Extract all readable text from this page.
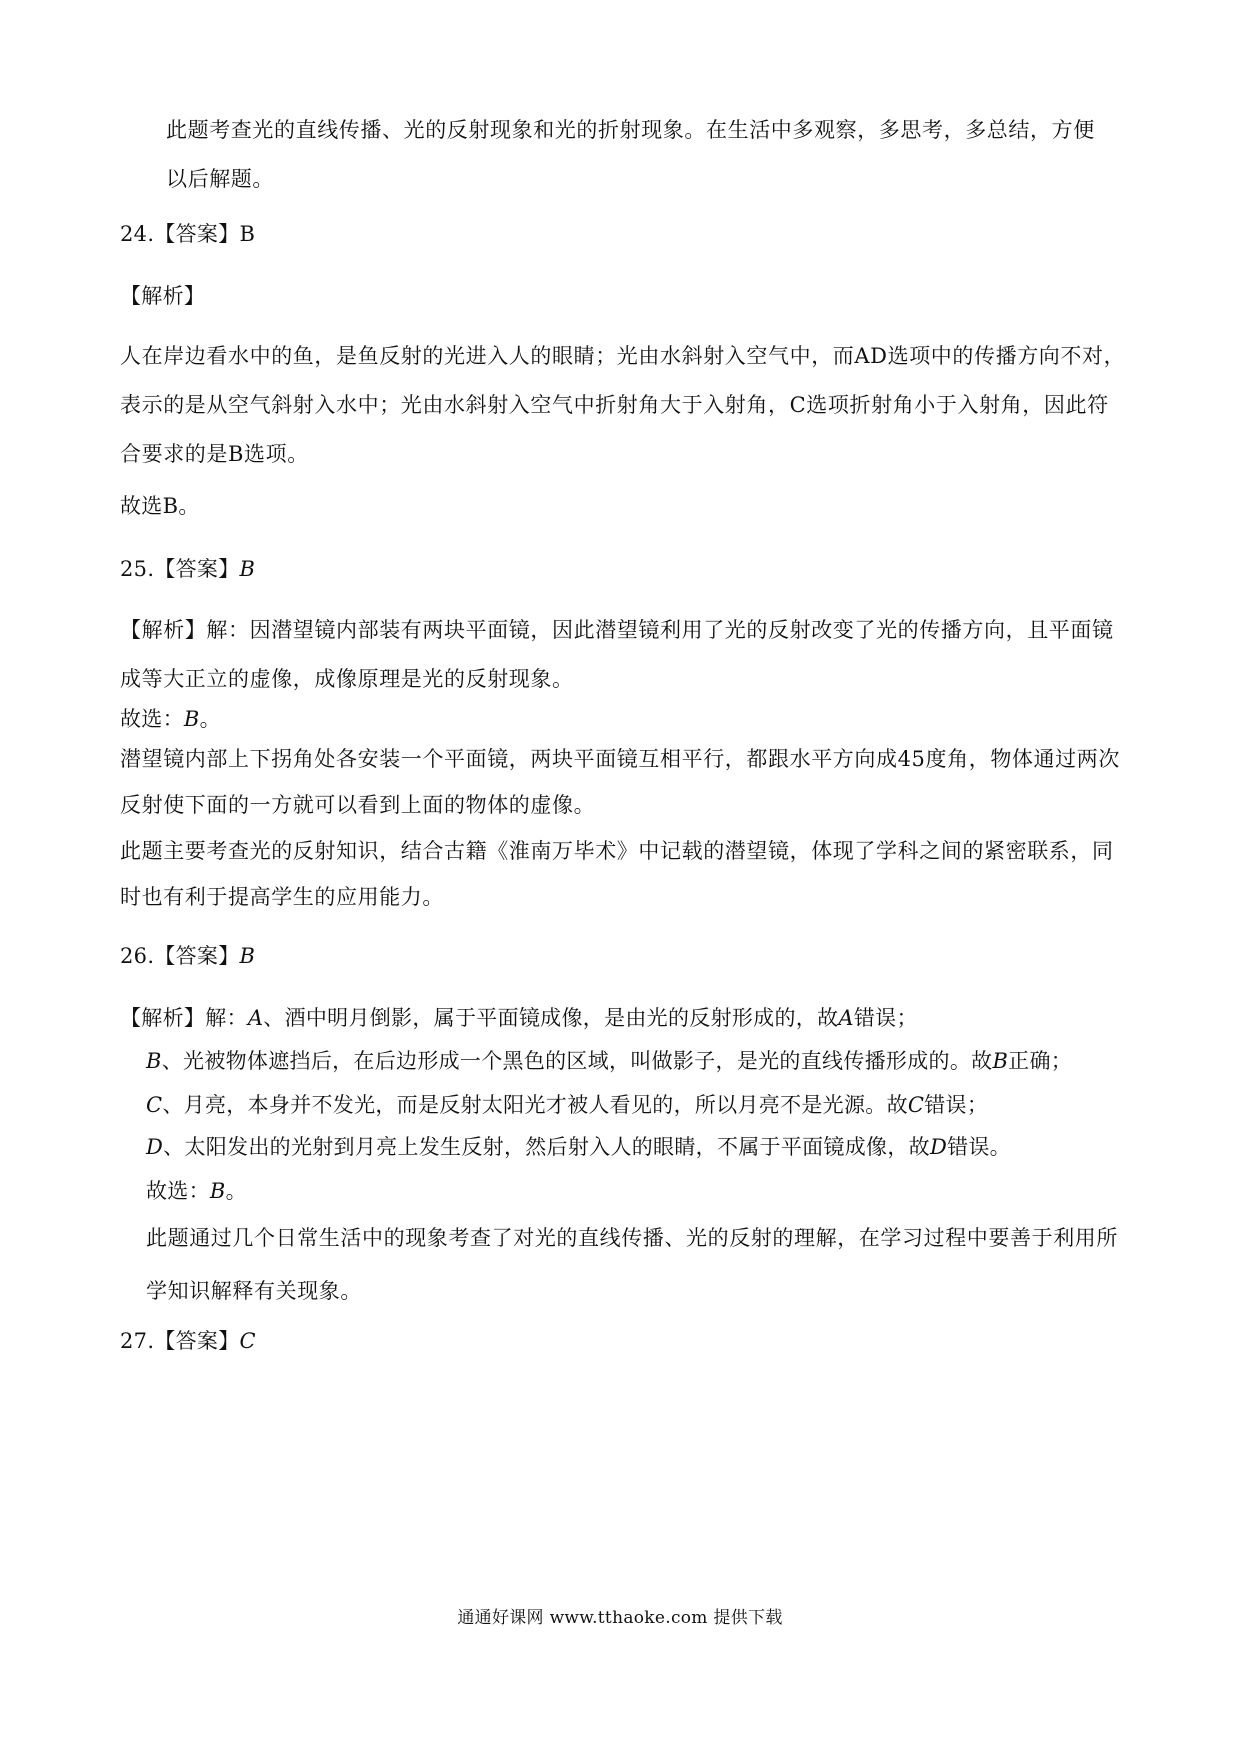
此题考查光的直线传播、光的反射现象和光的折射现象。在生活中多观察，多思考，多总结，方便
以后解题。

24.【答案】B
【解析】

人在岸边看水中的鱼，是鱼反射的光进入人的眼睛；光由水斜射入空气中，而AD选项中的传播方向不对，表示的是从空气斜射入水中；光由水斜射入空气中折射角大于入射角，C选项折射角小于入射角，因此符合要求的是B选项。

故选B。
25.【答案】B

【解析】解：因潜望镜内部装有两块平面镜，因此潜望镜利用了光的反射改变了光的传播方向，且平面镜成等大正立的虚像，成像原理是光的反射现象。

故选：B。

潜望镜内部上下拐角处各安装一个平面镜，两块平面镜互相平行，都跟水平方向成45度角，物体通过两次反射使下面的一方就可以看到上面的物体的虚像。

此题主要考查光的反射知识，结合古籍《淮南万毕术》中记载的潜望镜，体现了学科之间的紧密联系，同时也有利于提高学生的应用能力。

26.【答案】B
【解析】解：A、酒中明月倒影，属于平面镜成像，是由光的反射形成的，故A错误；
B、光被物体遮挡后，在后边形成一个黑色的区域，叫做影子，是光的直线传播形成的。故B正确；
C、月亮，本身并不发光，而是反射太阳光才被人看见的，所以月亮不是光源。故C错误；
D、太阳发出的光射到月亮上发生反射，然后射入人的眼睛，不属于平面镜成像，故D错误。
故选：B。

此题通过几个日常生活中的现象考查了对光的直线传播、光的反射的理解，在学习过程中要善于利用所学知识解释有关现象。

27.【答案】C
通通好课网 www.tthaoke.com 提供下载
